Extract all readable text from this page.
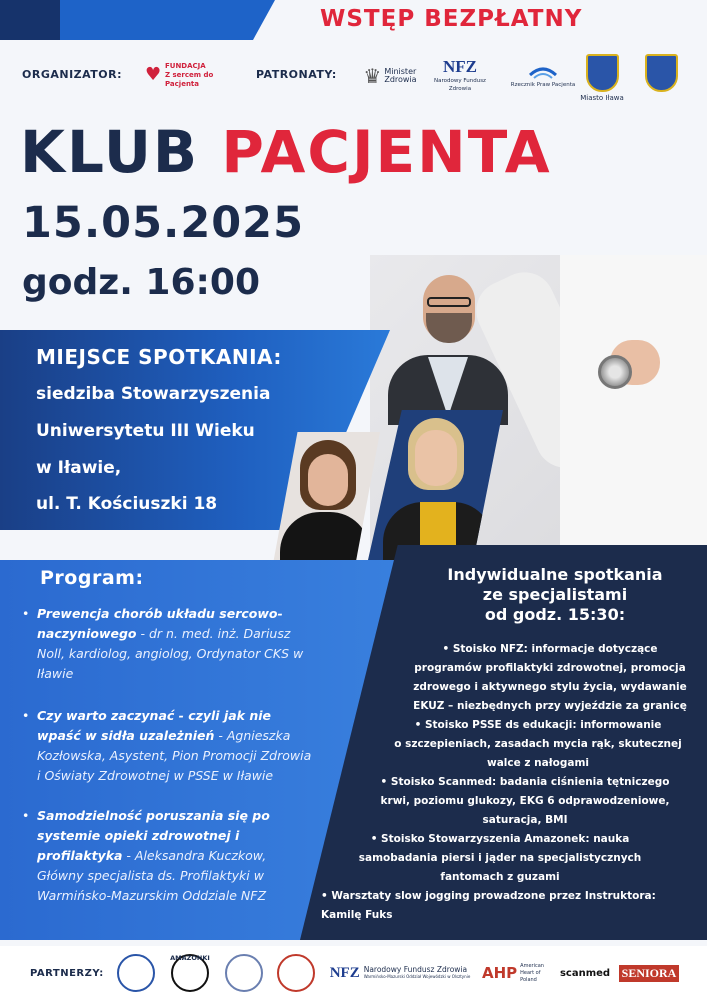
WSTĘP BEZPŁATNY
ORGANIZATOR: ♥ FUNDACJA
Z sercem do Pacjenta
PATRONATY: ♛ Minister
Zdrowia
NFZ
Narodowy Fundusz Zdrowia
Rzecznik Praw Pacjenta
Miasto Iława
KLUB PACJENTA
15.05.2025
godz. 16:00
MIEJSCE SPOTKANIA:
siedziba Stowarzyszenia
Uniwersytetu III Wieku
w Iławie,
ul. T. Kościuszki 18
Program:
• Prewencja chorób układu sercowo-naczyniowego - dr n. med. inż. Dariusz Noll, kardiolog, angiolog, Ordynator CKS w Iławie
• Czy warto zaczynać - czyli jak nie wpaść w sidła uzależnień - Agnieszka Kozłowska, Asystent, Pion Promocji Zdrowia i Oświaty Zdrowotnej w PSSE w Iławie
• Samodzielność poruszania się po systemie opieki zdrowotnej i profilaktyka - Aleksandra Kuczkow, Główny specjalista ds. Profilaktyki w Warmińsko-Mazurskim Oddziale NFZ
Indywidualne spotkania
ze specjalistami
od godz. 15:30:
• Stoisko NFZ: informacje dotyczące
programów profilaktyki zdrowotnej, promocja
zdrowego i aktywnego stylu życia, wydawanie
EKUZ – niezbędnych przy wyjeździe za granicę
• Stoisko PSSE ds edukacji: informowanie
o szczepieniach, zasadach mycia rąk, skutecznej
walce z nałogami
• Stoisko Scanmed: badania ciśnienia tętniczego
krwi, poziomu glukozy, EKG 6 odprawodzeniowe,
saturacja, BMI
• Stoisko Stowarzyszenia Amazonek: nauka
samobadania piersi i jąder na specjalistycznych
fantomach z guzami
• Warsztaty slow jogging prowadzone przez Instruktora:
Kamilę Fuks
PARTNERZY:
AMAZONKI
NFZ Narodowy Fundusz Zdrowia
Warmińsko-Mazurski Oddział Wojewódzki w Olsztynie AHP American Heart of Poland
scanmed SENIORA
